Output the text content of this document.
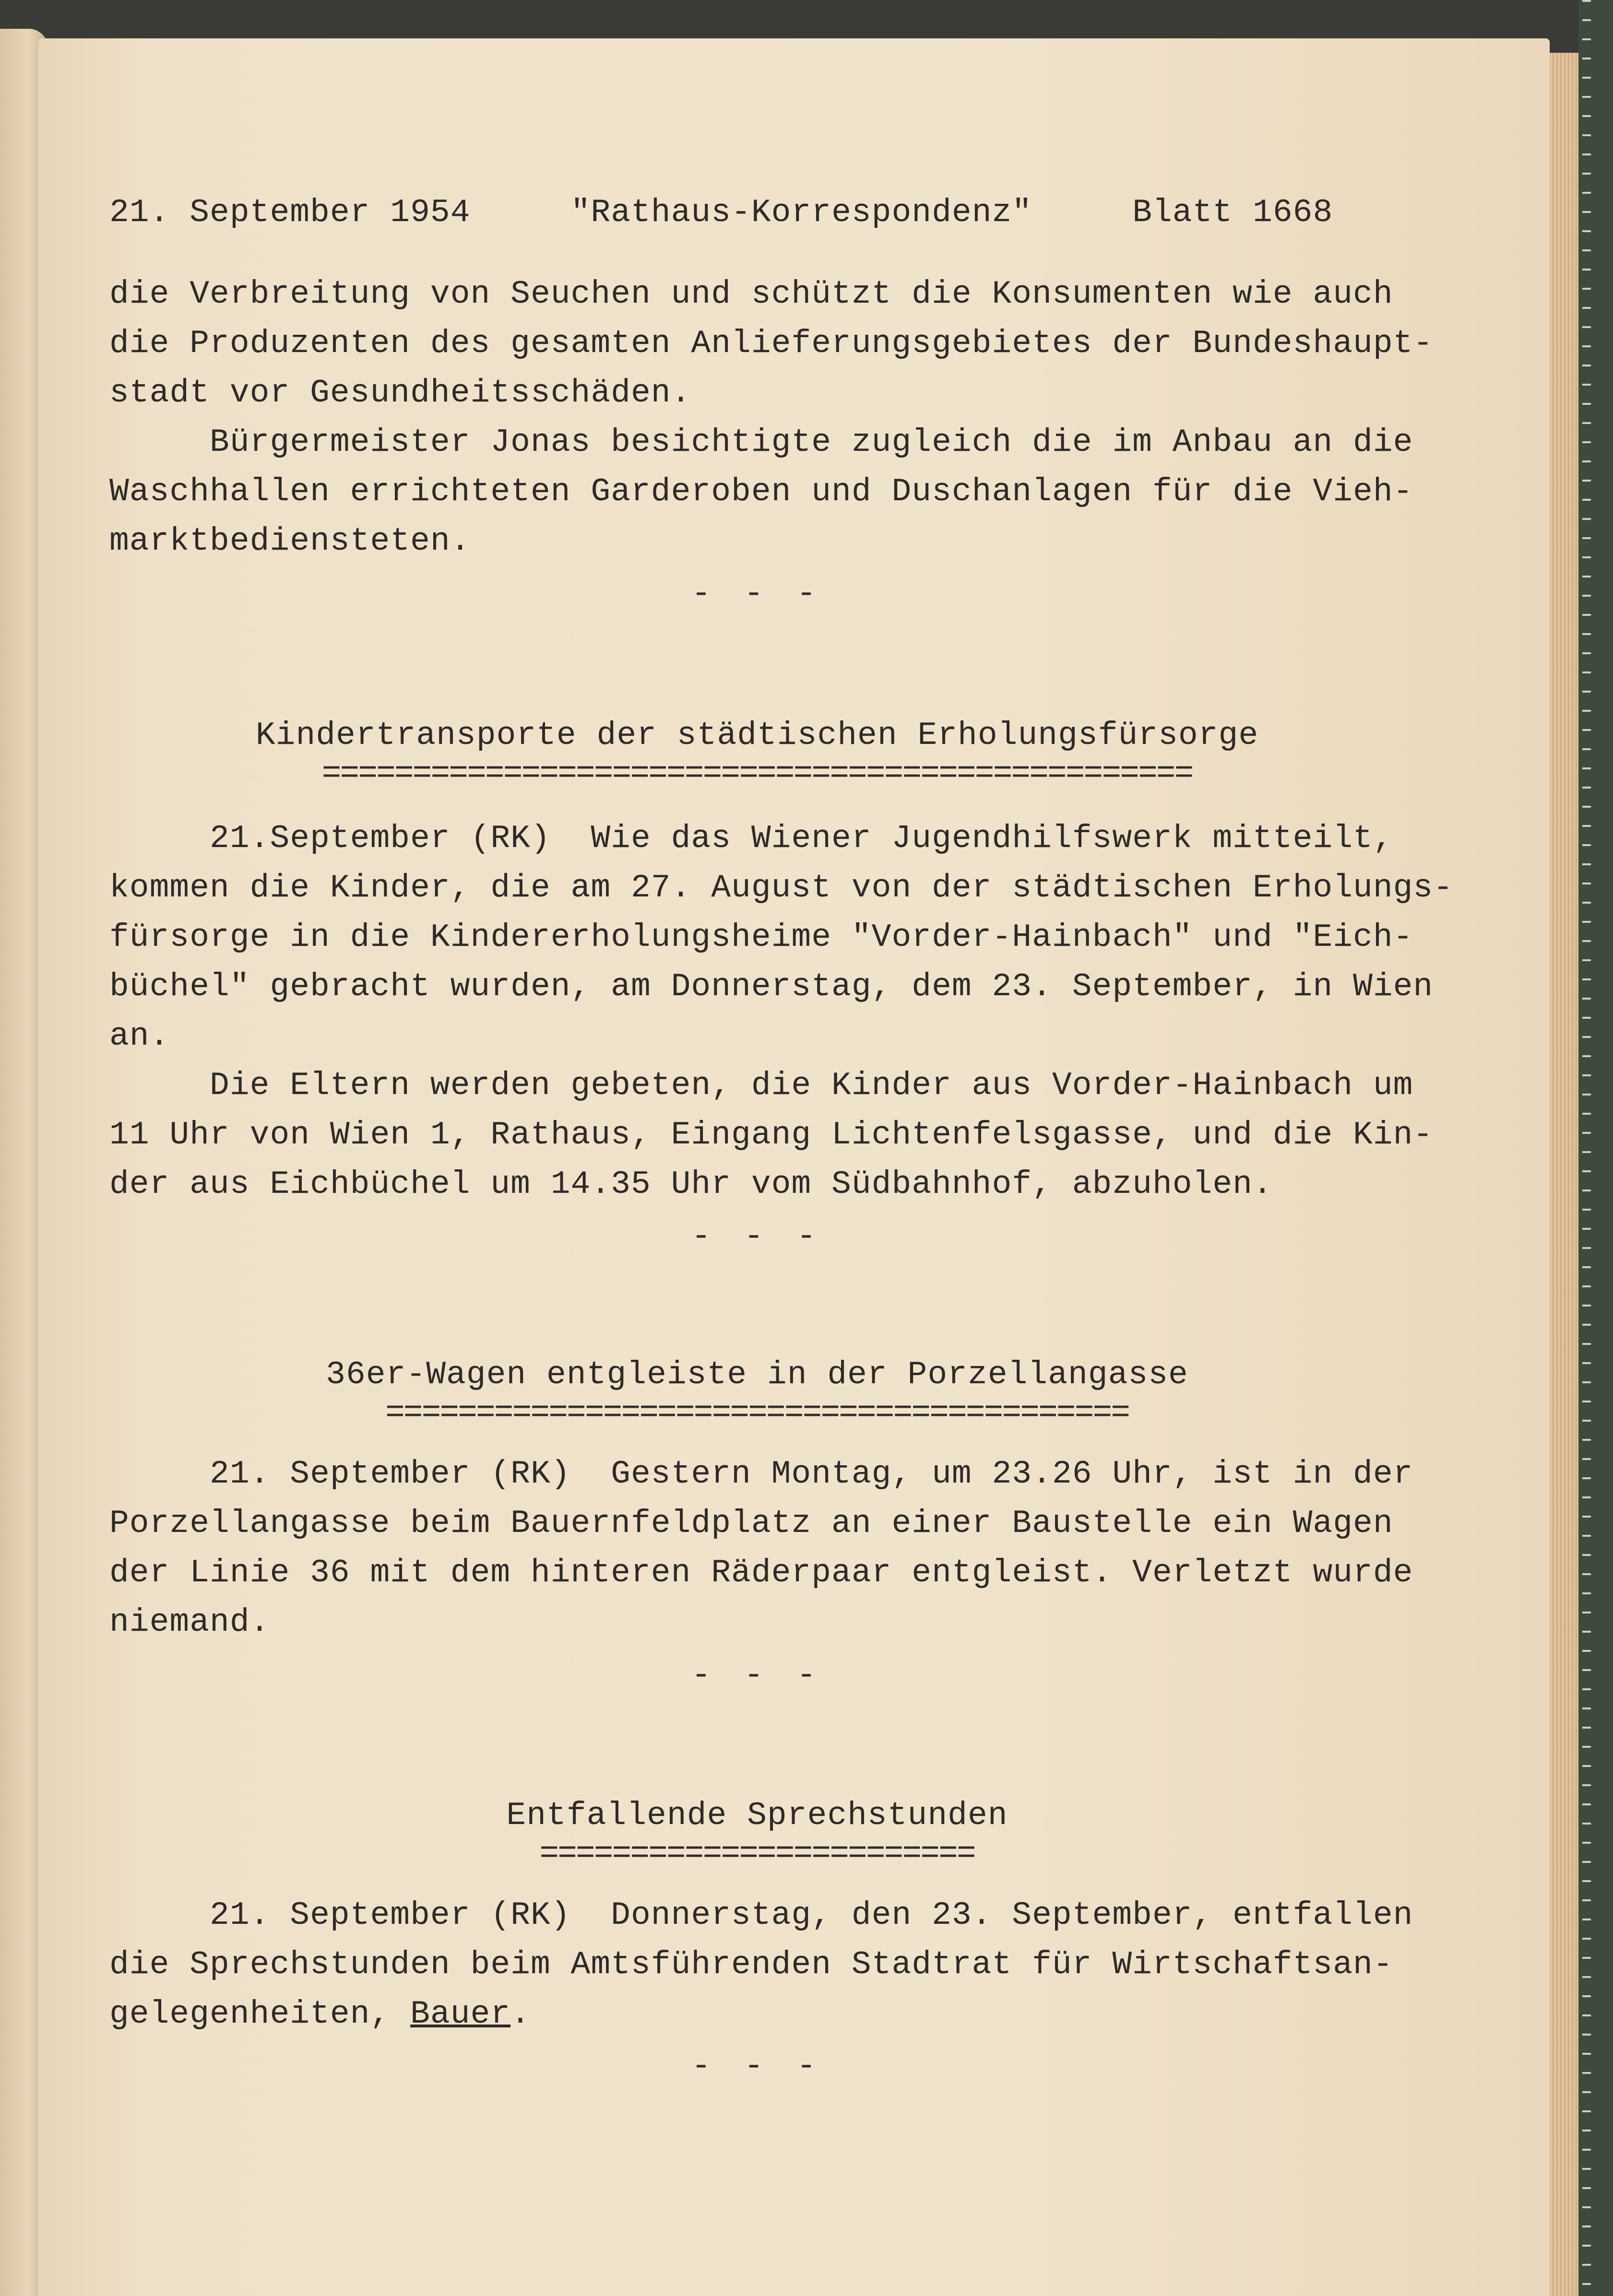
21. September 1954	"Rathaus-Korrespondenz"	Blatt 1668
die Verbreitung von Seuchen und schützt die Konsumenten wie auch
die Produzenten des gesamten Anlieferungsgebietes der Bundeshaupt-
stadt vor Gesundheitsschäden.
Bürgermeister Jonas besichtigte zugleich die im Anbau an die
Waschhallen errichteten Garderoben und Duschanlagen für die Vieh-
marktbediensteten.
- - -
Kindertransporte der städtischen Erholungsfürsorge
================================================
21.September (RK)  Wie das Wiener Jugendhilfswerk mitteilt,
kommen die Kinder, die am 27. August von der städtischen Erholungs-
fürsorge in die Kindererholungsheime "Vorder-Hainbach" und "Eich-
büchel" gebracht wurden, am Donnerstag, dem 23. September, in Wien
an.
Die Eltern werden gebeten, die Kinder aus Vorder-Hainbach um
11 Uhr von Wien 1, Rathaus, Eingang Lichtenfelsgasse, und die Kin-
der aus Eichbüchel um 14.35 Uhr vom Südbahnhof, abzuholen.
- - -
36er-Wagen entgleiste in der Porzellangasse
=========================================
21. September (RK)  Gestern Montag, um 23.26 Uhr, ist in der
Porzellangasse beim Bauernfeldplatz an einer Baustelle ein Wagen
der Linie 36 mit dem hinteren Räderpaar entgleist. Verletzt wurde
niemand.
- - -
Entfallende Sprechstunden
========================
21. September (RK)  Donnerstag, den 23. September, entfallen
die Sprechstunden beim Amtsführenden Stadtrat für Wirtschaftsan-
gelegenheiten, Bauer.
- - -
